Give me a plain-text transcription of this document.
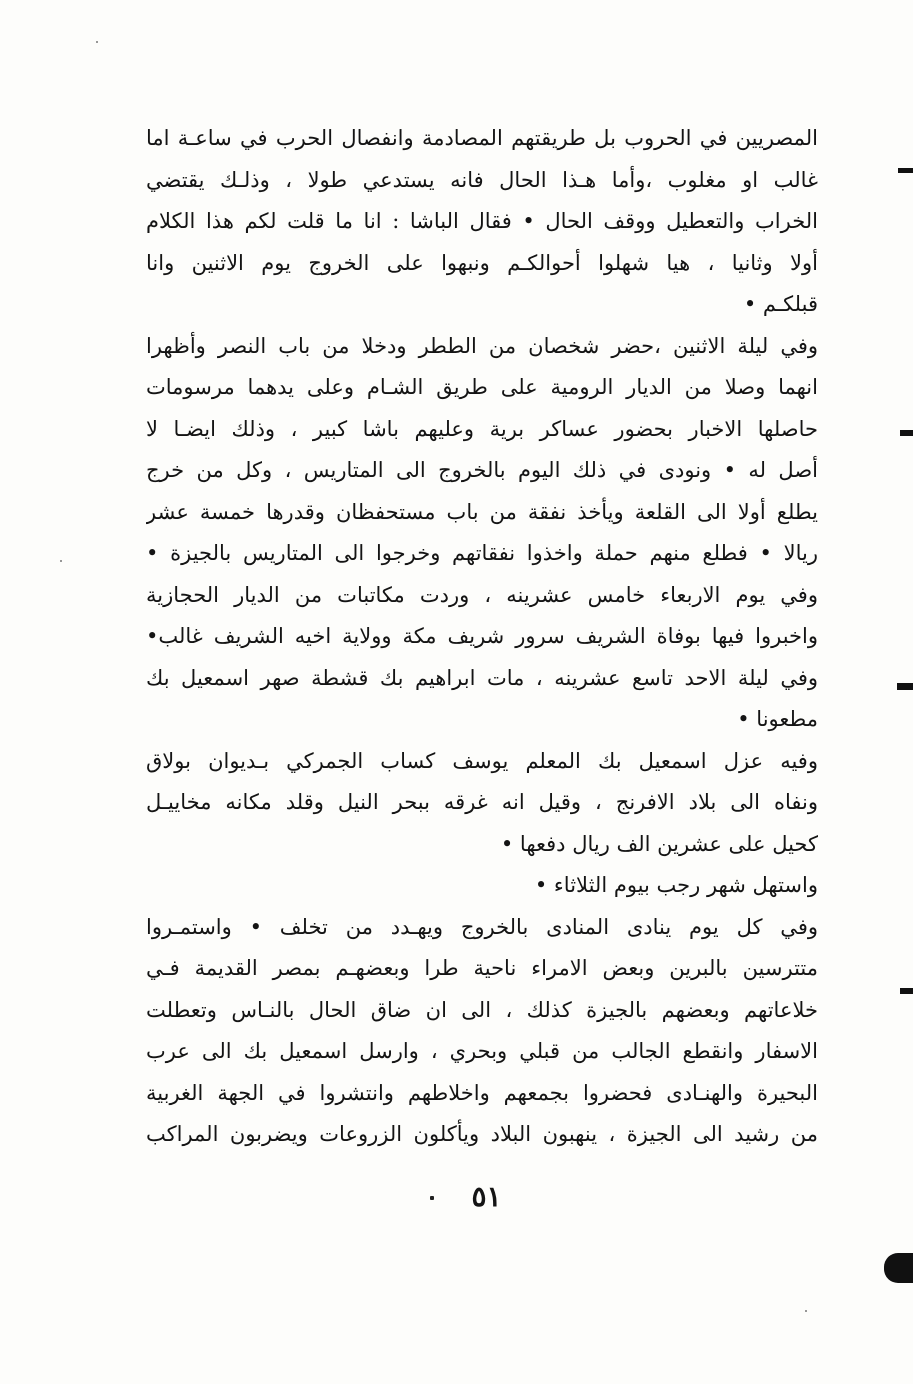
المصريين في الحروب بل طريقتهم المصادمة وانفصال الحرب في ساعـة اما
غالب او مغلوب ،وأما هـذا الحال فانه يستدعي طولا ، وذلـك يقتضي
الخراب والتعطيل ووقف الحال • فقال الباشا : انا ما قلت لكم هذا الكلام
أولا وثانيا ، هيا شهلوا أحوالكـم ونبهوا على الخروج يوم الاثنين وانا
قبلكـم •
وفي ليلة الاثنين ،حضر شخصان من الططر ودخلا من باب النصر وأظهرا
انهما وصلا من الديار الرومية على طريق الشـام وعلى يدهما مرسومات
حاصلها الاخبار بحضور عساكر برية وعليهم باشا كبير ، وذلك ايضـا لا
أصل له • ونودى في ذلك اليوم بالخروج الى المتاريس ، وكل من خرج
يطلع أولا الى القلعة ويأخذ نفقة من باب مستحفظان وقدرها خمسة عشر
ريالا • فطلع منهم حملة واخذوا نفقاتهم وخرجوا الى المتاريس بالجيزة •
وفي يوم الاربعاء خامس عشرينه ، وردت مكاتبات من الديار الحجازية
واخبروا فيها بوفاة الشريف سرور شريف مكة وولاية اخيه الشريف غالب•
وفي ليلة الاحد تاسع عشرينه ، مات ابراهيم بك قشطة صهر اسمعيل بك
مطعونا •
وفيه عزل اسمعيل بك المعلم يوسف كساب الجمركي بـديوان بولاق
ونفاه الى بلاد الافرنج ، وقيل انه غرقه ببحر النيل وقلد مكانه مخاييـل
كحيل على عشرين الف ريال دفعها •
واستهل شهر رجب بيوم الثلاثاء •
وفي كل يوم ينادى المنادى بالخروج ويهـدد من تخلف • واستمـروا
متترسين بالبرين وبعض الامراء ناحية طرا وبعضهـم بمصر القديمة فـي
خلاعاتهم وبعضهم بالجيزة كذلك ، الى ان ضاق الحال بالنـاس وتعطلت
الاسفار وانقطع الجالب من قبلي وبحري ، وارسل اسمعيل بك الى عرب
البحيرة والهنـادى فحضروا بجمعهم واخلاطهم وانتشروا في الجهة الغربية
من رشيد الى الجيزة ، ينهبون البلاد ويأكلون الزروعات ويضربون المراكب
٥١
